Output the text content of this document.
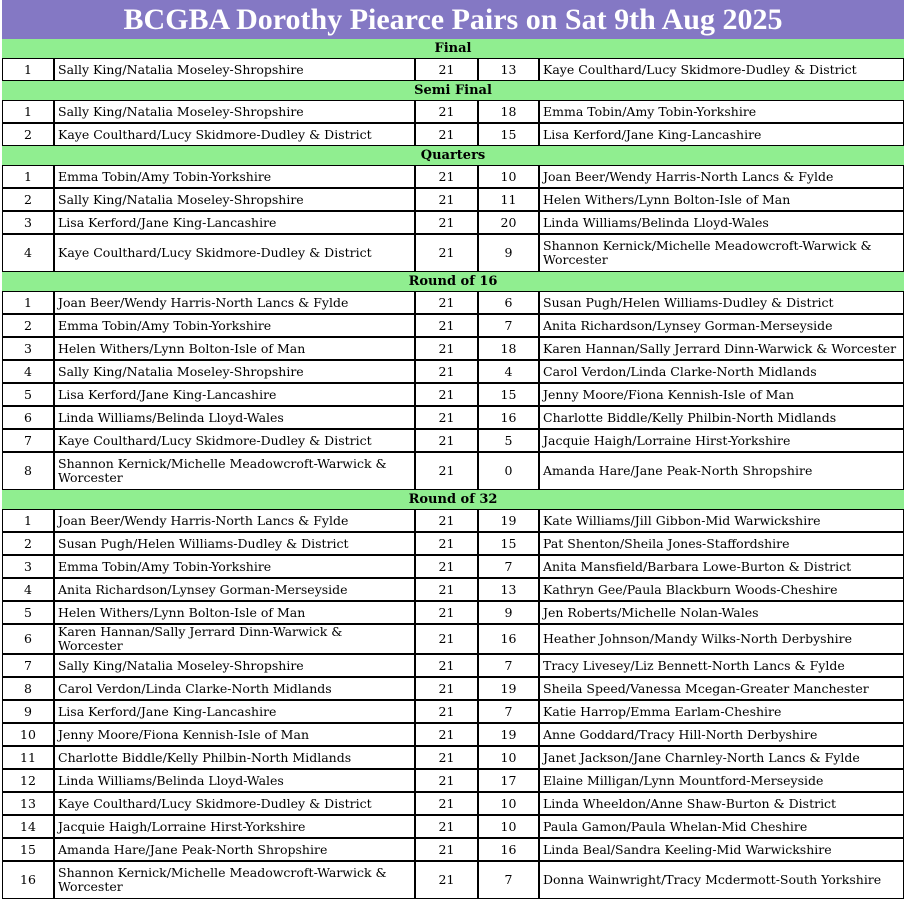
BCGBA Dorothy Piearce Pairs on Sat 9th Aug 2025
Final				
1	Sally King/Natalia Moseley-Shropshire	21	13	Kaye Coulthard/Lucy Skidmore-Dudley & District
Semi Final				
1	Sally King/Natalia Moseley-Shropshire	21	18	Emma Tobin/Amy Tobin-Yorkshire
2	Kaye Coulthard/Lucy Skidmore-Dudley & District	21	15	Lisa Kerford/Jane King-Lancashire
Quarters				
1	Emma Tobin/Amy Tobin-Yorkshire	21	10	Joan Beer/Wendy Harris-North Lancs & Fylde
2	Sally King/Natalia Moseley-Shropshire	21	11	Helen Withers/Lynn Bolton-Isle of Man
3	Lisa Kerford/Jane King-Lancashire	21	20	Linda Williams/Belinda Lloyd-Wales
4	Kaye Coulthard/Lucy Skidmore-Dudley & District	21	9	Shannon Kernick/Michelle Meadowcroft-Warwick & Worcester
Round of 16				
1	Joan Beer/Wendy Harris-North Lancs & Fylde	21	6	Susan Pugh/Helen Williams-Dudley & District
2	Emma Tobin/Amy Tobin-Yorkshire	21	7	Anita Richardson/Lynsey Gorman-Merseyside
3	Helen Withers/Lynn Bolton-Isle of Man	21	18	Karen Hannan/Sally Jerrard Dinn-Warwick & Worcester
4	Sally King/Natalia Moseley-Shropshire	21	4	Carol Verdon/Linda Clarke-North Midlands
5	Lisa Kerford/Jane King-Lancashire	21	15	Jenny Moore/Fiona Kennish-Isle of Man
6	Linda Williams/Belinda Lloyd-Wales	21	16	Charlotte Biddle/Kelly Philbin-North Midlands
7	Kaye Coulthard/Lucy Skidmore-Dudley & District	21	5	Jacquie Haigh/Lorraine Hirst-Yorkshire
8	Shannon Kernick/Michelle Meadowcroft-Warwick & Worcester	21	0	Amanda Hare/Jane Peak-North Shropshire
Round of 32				
1	Joan Beer/Wendy Harris-North Lancs & Fylde	21	19	Kate Williams/Jill Gibbon-Mid Warwickshire
2	Susan Pugh/Helen Williams-Dudley & District	21	15	Pat Shenton/Sheila Jones-Staffordshire
3	Emma Tobin/Amy Tobin-Yorkshire	21	7	Anita Mansfield/Barbara Lowe-Burton & District
4	Anita Richardson/Lynsey Gorman-Merseyside	21	13	Kathryn Gee/Paula Blackburn Woods-Cheshire
5	Helen Withers/Lynn Bolton-Isle of Man	21	9	Jen Roberts/Michelle Nolan-Wales
6	Karen Hannan/Sally Jerrard Dinn-Warwick & Worcester	21	16	Heather Johnson/Mandy Wilks-North Derbyshire
7	Sally King/Natalia Moseley-Shropshire	21	7	Tracy Livesey/Liz Bennett-North Lancs & Fylde
8	Carol Verdon/Linda Clarke-North Midlands	21	19	Sheila Speed/Vanessa Mcegan-Greater Manchester
9	Lisa Kerford/Jane King-Lancashire	21	7	Katie Harrop/Emma Earlam-Cheshire
10	Jenny Moore/Fiona Kennish-Isle of Man	21	19	Anne Goddard/Tracy Hill-North Derbyshire
11	Charlotte Biddle/Kelly Philbin-North Midlands	21	10	Janet Jackson/Jane Charnley-North Lancs & Fylde
12	Linda Williams/Belinda Lloyd-Wales	21	17	Elaine Milligan/Lynn Mountford-Merseyside
13	Kaye Coulthard/Lucy Skidmore-Dudley & District	21	10	Linda Wheeldon/Anne Shaw-Burton & District
14	Jacquie Haigh/Lorraine Hirst-Yorkshire	21	10	Paula Gamon/Paula Whelan-Mid Cheshire
15	Amanda Hare/Jane Peak-North Shropshire	21	16	Linda Beal/Sandra Keeling-Mid Warwickshire
16	Shannon Kernick/Michelle Meadowcroft-Warwick & Worcester	21	7	Donna Wainwright/Tracy Mcdermott-South Yorkshire
